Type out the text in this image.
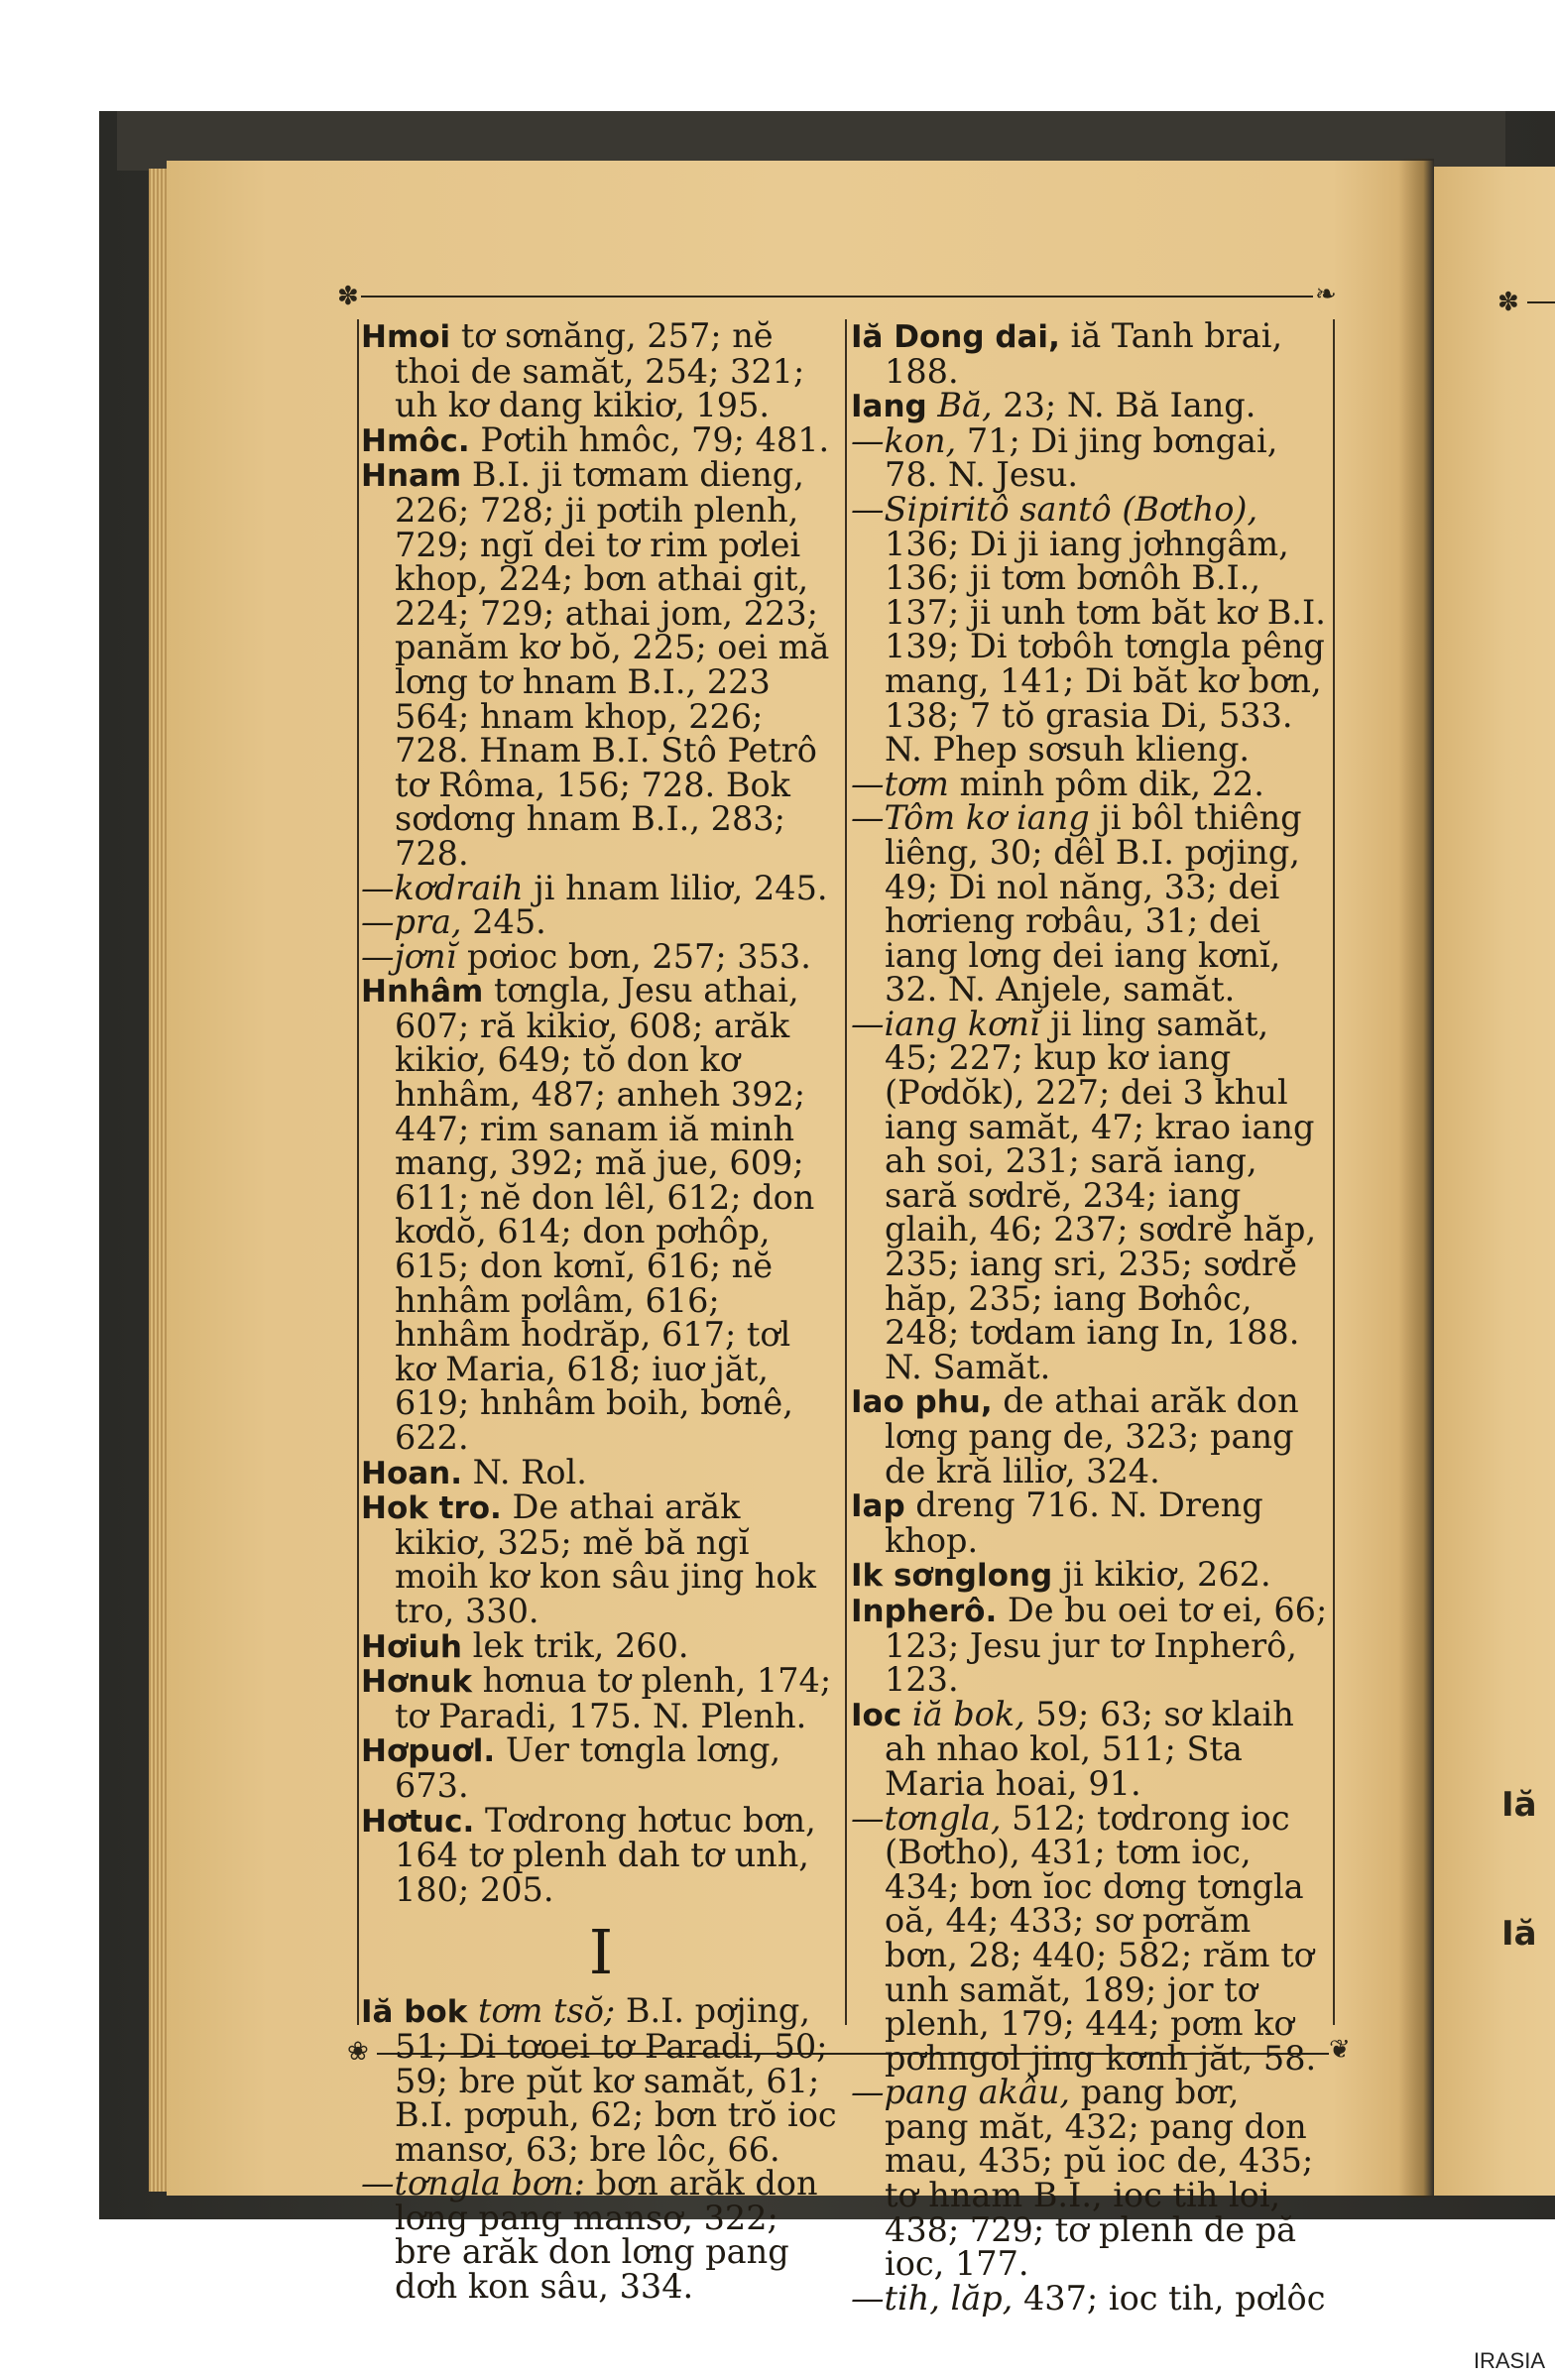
✽	❧
❀	❦

Hmoi tơ sơnăng, 257; nĕ thoi de samăt, 254; 321; uh kơ dang kikiơ, 195.

Hmôc. Pơtih hmôc, 79; 481.

Hnam B.I. ji tơmam dieng, 226; 728; ji pơtih plenh, 729; ngĭ dei tơ rim pơlei khop, 224; bơn athai git, 224; 729; athai jom, 223; panăm kơ bŏ, 225; oei mă lơng tơ hnam B.I., 223 564; hnam khop, 226; 728. Hnam B.I. Stô Petrô tơ Rôma, 156; 728. Bok sơdơng hnam B.I., 283; 728.

—kơdraih ji hnam liliơ, 245.

—pra, 245.

—jơnĭ pơioc bơn, 257; 353.

Hnhâm tơngla, Jesu athai, 607; ră kikiơ, 608; arăk kikiơ, 649; tŏ don kơ hnhâm, 487; anheh 392; 447; rim sanam iă minh mang, 392; mă jue, 609; 611; nĕ don lêl, 612; don kơdŏ, 614; don pơhôp, 615; don kơnĭ, 616; nĕ hnhâm pơlâm, 616; hnhâm hodrăp, 617; tơl kơ Maria, 618; iuơ jăt, 619; hnhâm boih, bơnê, 622.

Hoan. N. Rol.

Hok tro. De athai arăk kikiơ, 325; mĕ bă ngĭ moih kơ kon sâu jing hok tro, 330.

Hơiuh lek trik, 260.

Hơnuk hơnua tơ plenh, 174; tơ Paradi, 175. N. Plenh.

Hơpuơl. Uer tơngla lơng, 673.

Hơtuc. Tơdrong hơtuc bơn, 164 tơ plenh dah tơ unh, 180; 205.

I

Iă bok tơm tsŏ; B.I. pơjing, 51; Di tơoei tơ Paradi, 50; 59; bre pŭt kơ samăt, 61; B.I. pơpuh, 62; bơn trŏ ioc mansơ, 63; bre lôc, 66.

—tơngla bơn: bơn arăk don lơng pang mansơ, 322; bre arăk don lơng pang dơh kon sâu, 334.

Iă Dong dai, iă Tanh brai, 188.

Iang Bă, 23; N. Bă Iang.

—kon, 71; Di jing bơngai, 78. N. Jesu.

—Sipiritô santô (Bơtho), 136; Di ji iang jơhngâm, 136; ji tơm bơnôh B.I., 137; ji unh tơm băt kơ B.I. 139; Di tơbôh tơngla pêng mang, 141; Di băt kơ bơn, 138; 7 tŏ grasia Di, 533. N. Phep sơsuh klieng.

—tơm minh pôm dik, 22.

—Tôm kơ iang ji bôl thiêng liêng, 30; dêl B.I. pơjing, 49; Di nol năng, 33; dei hơrieng rơbâu, 31; dei iang lơng dei iang kơnĭ, 32. N. Anjele, samăt.

—iang kơnĭ ji ling samăt, 45; 227; kup kơ iang (Pơdŏk), 227; dei 3 khul iang samăt, 47; krao iang ah soi, 231; sară iang, sară sơdrĕ, 234; iang glaih, 46; 237; sơdrĕ hăp, 235; iang sri, 235; sơdrĕ hăp, 235; iang Bơhôc, 248; tơdam iang In, 188. N. Samăt.

Iao phu, de athai arăk don lơng pang de, 323; pang de kră liliơ, 324.

Iap dreng 716. N. Dreng khop.

Ik sơnglong ji kikiơ, 262.

Inpherô. De bu oei tơ ei, 66; 123; Jesu jur tơ Inpherô, 123.

Ioc iă bok, 59; 63; sơ klaih ah nhao kol, 511; Sta Maria hoai, 91.

—tơngla, 512; tơdrong ioc (Bơtho), 431; tơm ioc, 434; bơn ĭoc dơng tơngla oă, 44; 433; sơ pơrăm bơn, 28; 440; 582; răm tơ unh samăt, 189; jor tơ plenh, 179; 444; pơm kơ pơhngol jing kơnh jăt, 58.

—pang akâu, pang bơr, pang măt, 432; pang don mau, 435; pŭ ioc de, 435; tơ hnam B.I., ioc tih loi, 438; 729; tơ plenh de pă ioc, 177.

—tih, lăp, 437; ioc tih, pơlôc

Iă
Iă
✽
IRASIA
